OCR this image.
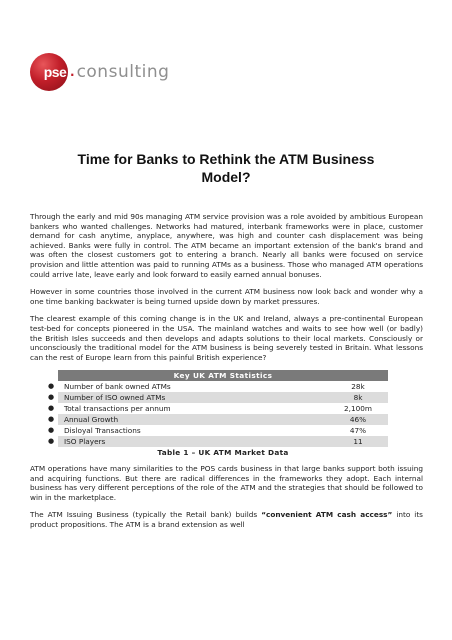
pse . consulting
Time for Banks to Rethink the ATM Business
Model?

Through the early and mid 90s managing ATM service provision was a role avoided by ambitious European bankers who wanted challenges. Networks had matured, interbank frameworks were in place, customer demand for cash anytime, anyplace, anywhere, was high and counter cash displacement was being achieved. Banks were fully in control. The ATM became an important extension of the bank's brand and was often the closest customers got to entering a branch. Nearly all banks were focused on service provision and little attention was paid to running ATMs as a business. Those who managed ATM operations could arrive late, leave early and look forward to easily earned annual bonuses.

However in some countries those involved in the current ATM business now look back and wonder why a one time banking backwater is being turned upside down by market pressures.

The clearest example of this coming change is in the UK and Ireland, always a pre-continental European test-bed for concepts pioneered in the USA. The mainland watches and waits to see how well (or badly) the British Isles succeeds and then develops and adapts solutions to their local markets. Consciously or unconsciously the traditional model for the ATM business is being severely tested in Britain. What lessons can the rest of Europe learn from this painful British experience?

Key UK ATM Statistics
●	Number of bank owned ATMs	28k
●	Number of ISO owned ATMs	8k
●	Total transactions per annum	2,100m
●	Annual Growth	46%
●	Disloyal Transactions	47%
●	ISO Players	11
Table 1 – UK ATM Market Data

ATM operations have many similarities to the POS cards business in that large banks support both issuing and acquiring functions. But there are radical differences in the frameworks they adopt. Each internal business has very different perceptions of the role of the ATM and the strategies that should be followed to win in the marketplace.

The ATM Issuing Business (typically the Retail bank) builds “convenient ATM cash access” into its product propositions. The ATM is a brand extension as well
